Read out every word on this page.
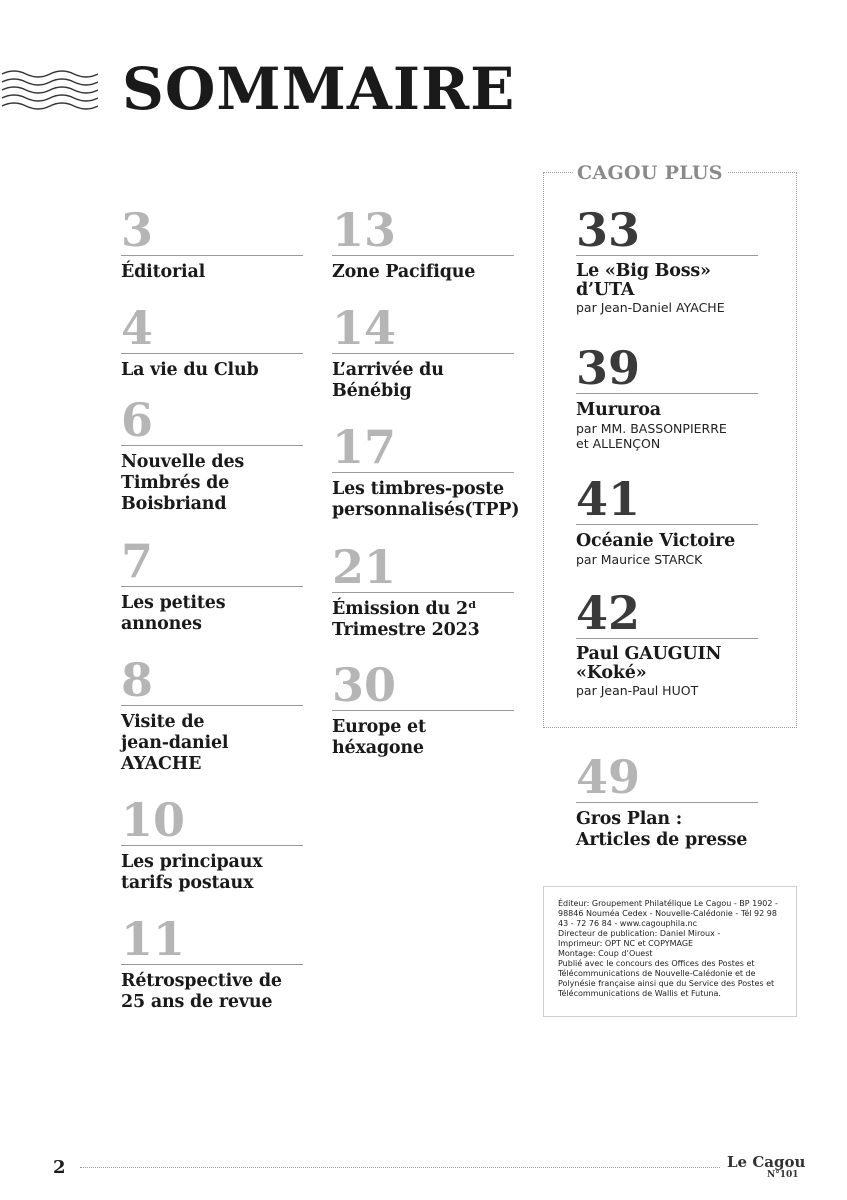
SOMMAIRE
3
Éditorial
4
La vie du Club
6
Nouvelle des
Timbrés de
Boisbriand
7
Les petites
annones
8
Visite de
jean-daniel
AYACHE
10
Les principaux
tarifs postaux
11
Rétrospective de
25 ans de revue
13
Zone Pacifique
14
L’arrivée du
Bénébig
17
Les timbres-poste
personnalisés(TPP)
21
Émission du 2ᵈ
Trimestre 2023
30
Europe et
héxagone
CAGOU PLUS
33
Le «Big Boss»
d’UTA
par Jean-Daniel AYACHE
39
Mururoa
par MM. BASSONPIERRE
et ALLENÇON
41
Océanie Victoire
par Maurice STARCK
42
Paul GAUGUIN
«Koké»
par Jean-Paul HUOT
49
Gros Plan :
Articles de presse
Éditeur: Groupement Philatélique Le Cagou - BP 1902 - 98846 Nouméa Cedex - Nouvelle-Calédonie - Tél 92 98 43 - 72 76 84 - www.cagouphila.nc
Directeur de publication: Daniel Miroux -
Imprimeur: OPT NC et COPYMAGE
Montage: Coup d’Ouest
Publié avec le concours des Offices des Postes et Télécommunications de Nouvelle-Calédonie et de Polynésie française ainsi que du Service des Postes et Télécommunications de Wallis et Futuna.
2	Le Cagou
N°101
